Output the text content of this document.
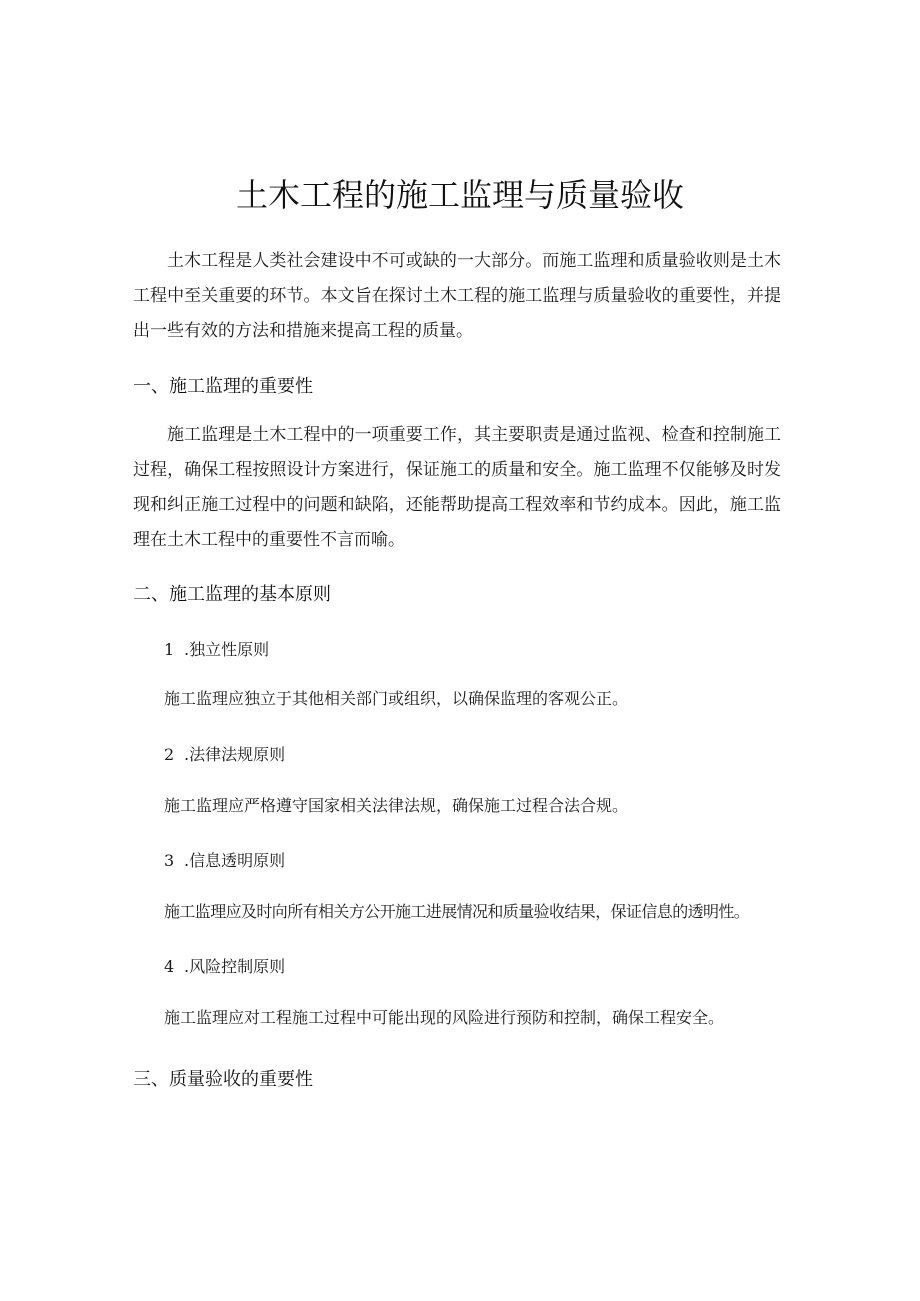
土木工程的施工监理与质量验收

土木工程是人类社会建设中不可或缺的一大部分。而施工监理和质量验收则是土木工程中至关重要的环节。本文旨在探讨土木工程的施工监理与质量验收的重要性，并提出一些有效的方法和措施来提高工程的质量。

一、施工监理的重要性

施工监理是土木工程中的一项重要工作，其主要职责是通过监视、检查和控制施工过程，确保工程按照设计方案进行，保证施工的质量和安全。施工监理不仅能够及时发现和纠正施工过程中的问题和缺陷，还能帮助提高工程效率和节约成本。因此，施工监理在土木工程中的重要性不言而喻。

二、施工监理的基本原则
1 .独立性原则
施工监理应独立于其他相关部门或组织，以确保监理的客观公正。
2 .法律法规原则
施工监理应严格遵守国家相关法律法规，确保施工过程合法合规。
3 .信息透明原则
施工监理应及时向所有相关方公开施工进展情况和质量验收结果，保证信息的透明性。
4 .风险控制原则
施工监理应对工程施工过程中可能出现的风险进行预防和控制，确保工程安全。
三、质量验收的重要性
